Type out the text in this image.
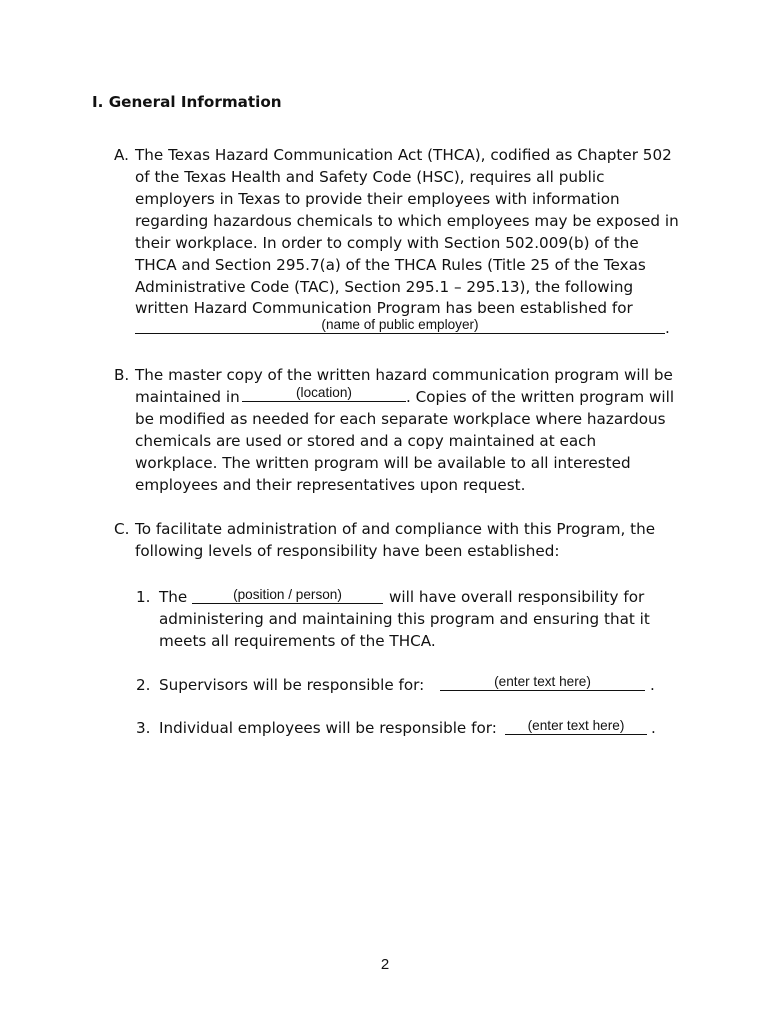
I. General Information
A. The Texas Hazard Communication Act (THCA), codified as Chapter 502
of the Texas Health and Safety Code (HSC), requires all public
employers in Texas to provide their employees with information
regarding hazardous chemicals to which employees may be exposed in
their workplace. In order to comply with Section 502.009(b) of the
THCA and Section 295.7(a) of the THCA Rules (Title 25 of the Texas
Administrative Code (TAC), Section 295.1 – 295.13), the following
written Hazard Communication Program has been established for
(name of public employer)	.
B. The master copy of the written hazard communication program will be
maintained in	(location)	. Copies of the written program will
be modified as needed for each separate workplace where hazardous
chemicals are used or stored and a copy maintained at each
workplace. The written program will be available to all interested
employees and their representatives upon request.
C. To facilitate administration of and compliance with this Program, the
following levels of responsibility have been established:
1. The	(position / person)	will have overall responsibility for
administering and maintaining this program and ensuring that it
meets all requirements of the THCA.
2. Supervisors will be responsible for:	(enter text here)	.
3. Individual employees will be responsible for:	(enter text here)	.
2
